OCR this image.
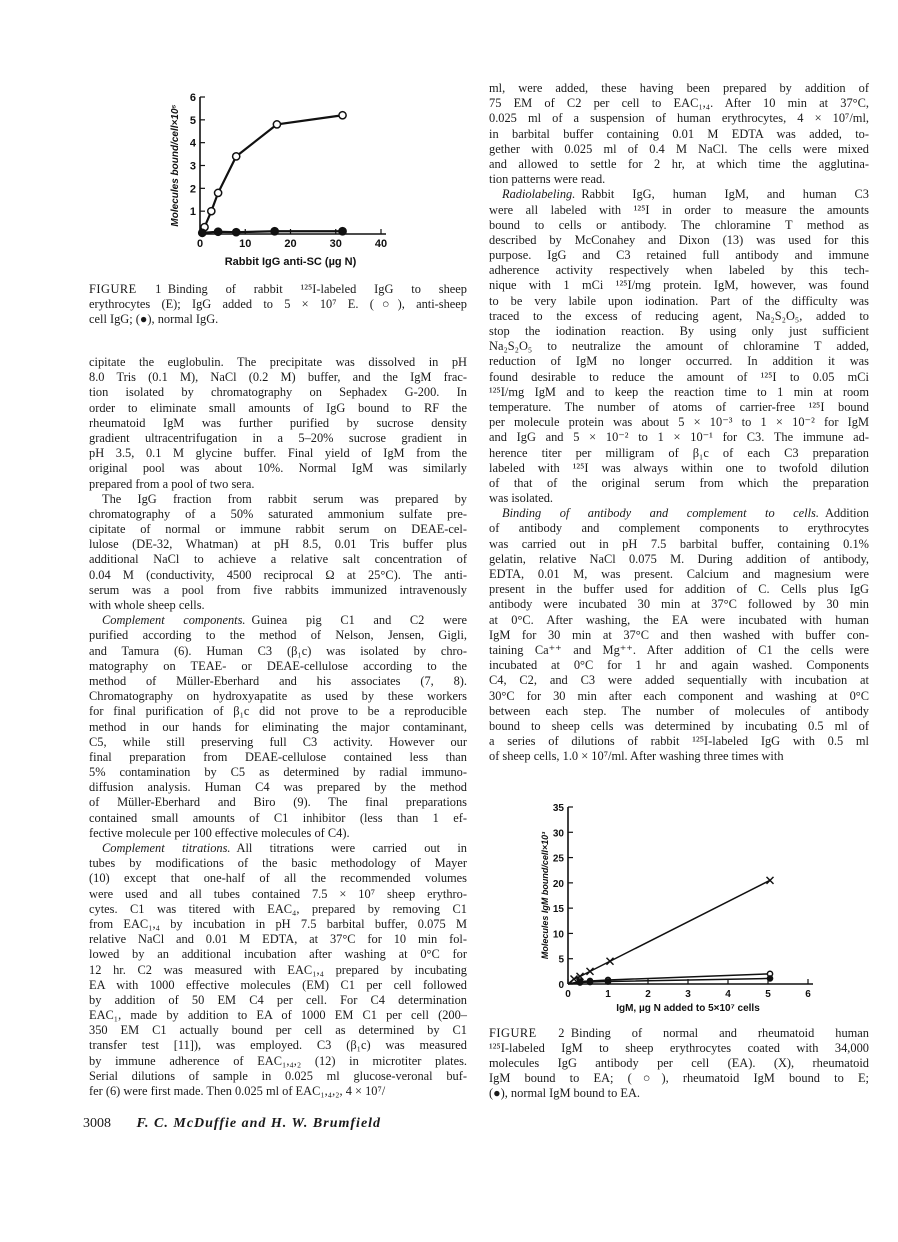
0	10	20	30	40
1
2
3
4
5
6
Rabbit IgG anti-SC (µg N)
Molecules bound/cell×10⁵
0	1	2	3	4	5	6
0
5
10
15
20
25
30
35
IgM, µg N added to 5×10⁷ cells
Molecules IgM bound/cell×10³
FIGURE 1 Binding of rabbit ¹²⁵I-labeled IgG to sheep
erythrocytes (E); IgG added to 5 × 10⁷ E. (○), anti-sheep
cell IgG; (●), normal IgG.
FIGURE 2 Binding of normal and rheumatoid human
¹²⁵I-labeled IgM to sheep erythrocytes coated with 34,000
molecules IgG antibody per cell (EA). (X), rheumatoid
IgM bound to EA; (○), rheumatoid IgM bound to E;
(●), normal IgM bound to EA.
cipitate the euglobulin. The precipitate was dissolved in pH
8.0 Tris (0.1 M), NaCl (0.2 M) buffer, and the IgM frac-
tion isolated by chromatography on Sephadex G-200. In
order to eliminate small amounts of IgG bound to RF the
rheumatoid IgM was further purified by sucrose density
gradient ultracentrifugation in a 5–20% sucrose gradient in
pH 3.5, 0.1 M glycine buffer. Final yield of IgM from the
original pool was about 10%. Normal IgM was similarly
prepared from a pool of two sera.
The IgG fraction from rabbit serum was prepared by
chromatography of a 50% saturated ammonium sulfate pre-
cipitate of normal or immune rabbit serum on DEAE-cel-
lulose (DE-32, Whatman) at pH 8.5, 0.01 Tris buffer plus
additional NaCl to achieve a relative salt concentration of
0.04 M (conductivity, 4500 reciprocal Ω at 25°C). The anti-
serum was a pool from five rabbits immunized intravenously
with whole sheep cells.
Complement components. Guinea pig C1 and C2 were
purified according to the method of Nelson, Jensen, Gigli,
and Tamura (6). Human C3 (β₁c) was isolated by chro-
matography on TEAE- or DEAE-cellulose according to the
method of Müller-Eberhard and his associates (7, 8).
Chromatography on hydroxyapatite as used by these workers
for final purification of β₁c did not prove to be a reproducible
method in our hands for eliminating the major contaminant,
C5, while still preserving full C3 activity. However our
final preparation from DEAE-cellulose contained less than
5% contamination by C5 as determined by radial immuno-
diffusion analysis. Human C4 was prepared by the method
of Müller-Eberhard and Biro (9). The final preparations
contained small amounts of C1 inhibitor (less than 1 ef-
fective molecule per 100 effective molecules of C4).
Complement titrations. All titrations were carried out in
tubes by modifications of the basic methodology of Mayer
(10) except that one-half of all the recommended volumes
were used and all tubes contained 7.5 × 10⁷ sheep erythro-
cytes. C1 was titered with EAC₄, prepared by removing C1
from EAC₁,₄ by incubation in pH 7.5 barbital buffer, 0.075 M
relative NaCl and 0.01 M EDTA, at 37°C for 10 min fol-
lowed by an additional incubation after washing at 0°C for
12 hr. C2 was measured with EAC₁,₄ prepared by incubating
EA with 1000 effective molecules (EM) C1 per cell followed
by addition of 50 EM C4 per cell. For C4 determination
EAC₁, made by addition to EA of 1000 EM C1 per cell (200–
350 EM C1 actually bound per cell as determined by C1
transfer test [11]), was employed. C3 (β₁c) was measured
by immune adherence of EAC₁,₄,₂ (12) in microtiter plates.
Serial dilutions of sample in 0.025 ml glucose-veronal buf-
fer (6) were first made. Then 0.025 ml of EAC₁,₄,₂, 4 × 10⁷/
ml, were added, these having been prepared by addition of
75 EM of C2 per cell to EAC₁,₄. After 10 min at 37°C,
0.025 ml of a suspension of human erythrocytes, 4 × 10⁷/ml,
in barbital buffer containing 0.01 M EDTA was added, to-
gether with 0.025 ml of 0.4 M NaCl. The cells were mixed
and allowed to settle for 2 hr, at which time the agglutina-
tion patterns were read.
Radiolabeling. Rabbit IgG, human IgM, and human C3
were all labeled with ¹²⁵I in order to measure the amounts
bound to cells or antibody. The chloramine T method as
described by McConahey and Dixon (13) was used for this
purpose. IgG and C3 retained full antibody and immune
adherence activity respectively when labeled by this tech-
nique with 1 mCi ¹²⁵I/mg protein. IgM, however, was found
to be very labile upon iodination. Part of the difficulty was
traced to the excess of reducing agent, Na₂S₂O₅, added to
stop the iodination reaction. By using only just sufficient
Na₂S₂O₅ to neutralize the amount of chloramine T added,
reduction of IgM no longer occurred. In addition it was
found desirable to reduce the amount of ¹²⁵I to 0.05 mCi
¹²⁵I/mg IgM and to keep the reaction time to 1 min at room
temperature. The number of atoms of carrier-free ¹²⁵I bound
per molecule protein was about 5 × 10⁻³ to 1 × 10⁻² for IgM
and IgG and 5 × 10⁻² to 1 × 10⁻¹ for C3. The immune ad-
herence titer per milligram of β₁c of each C3 preparation
labeled with ¹²⁵I was always within one to twofold dilution
of that of the original serum from which the preparation
was isolated.
Binding of antibody and complement to cells. Addition
of antibody and complement components to erythrocytes
was carried out in pH 7.5 barbital buffer, containing 0.1%
gelatin, relative NaCl 0.075 M. During addition of antibody,
EDTA, 0.01 M, was present. Calcium and magnesium were
present in the buffer used for addition of C. Cells plus IgG
antibody were incubated 30 min at 37°C followed by 30 min
at 0°C. After washing, the EA were incubated with human
IgM for 30 min at 37°C and then washed with buffer con-
taining Ca⁺⁺ and Mg⁺⁺. After addition of C1 the cells were
incubated at 0°C for 1 hr and again washed. Components
C4, C2, and C3 were added sequentially with incubation at
30°C for 30 min after each component and washing at 0°C
between each step. The number of molecules of antibody
bound to sheep cells was determined by incubating 0.5 ml of
a series of dilutions of rabbit ¹²⁵I-labeled IgG with 0.5 ml
of sheep cells, 1.0 × 10⁷/ml. After washing three times with
3008 F. C. McDuffie and H. W. Brumfield
